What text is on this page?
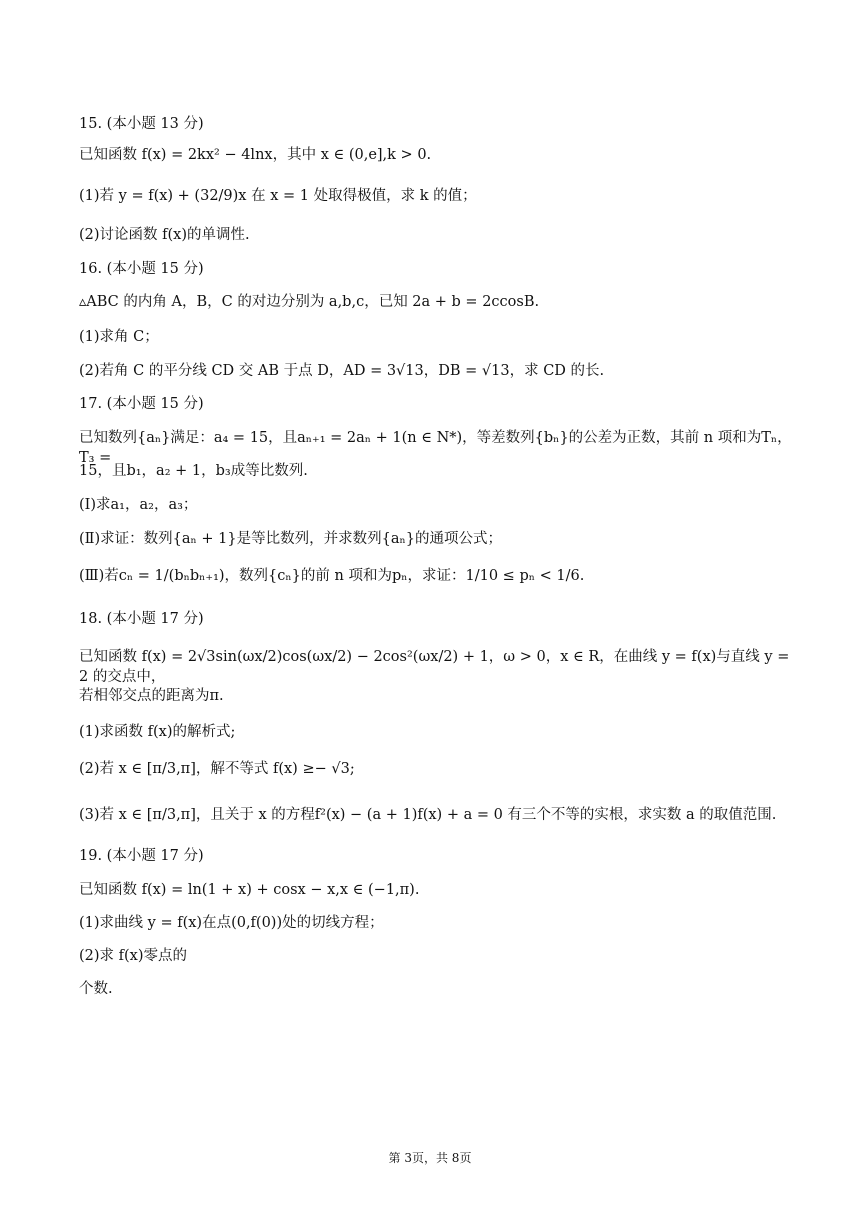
15. (本小题 13 分)
已知函数 f(x) = 2kx² − 4lnx，其中 x ∈ (0,e],k > 0.
(1)若 y = f(x) + (32/9)x 在 x = 1 处取得极值，求 k 的值；
(2)讨论函数 f(x)的单调性.
16. (本小题 15 分)
▵ABC 的内角 A，B，C 的对边分别为 a,b,c，已知 2a + b = 2ccosB.
(1)求角 C；
(2)若角 C 的平分线 CD 交 AB 于点 D，AD = 3√13，DB = √13，求 CD 的长.
17. (本小题 15 分)
已知数列{aₙ}满足：a₄ = 15，且aₙ₊₁ = 2aₙ + 1(n ∈ N*)，等差数列{bₙ}的公差为正数，其前 n 项和为Tₙ，T₃ =
15，且b₁，a₂ + 1，b₃成等比数列.
(Ⅰ)求a₁，a₂，a₃；
(Ⅱ)求证：数列{aₙ + 1}是等比数列，并求数列{aₙ}的通项公式；
(Ⅲ)若cₙ = 1/(bₙbₙ₊₁)，数列{cₙ}的前 n 项和为pₙ，求证：1/10 ≤ pₙ < 1/6.
18. (本小题 17 分)
已知函数 f(x) = 2√3sin(ωx/2)cos(ωx/2) − 2cos²(ωx/2) + 1，ω > 0，x ∈ R，在曲线 y = f(x)与直线 y = 2 的交点中，
若相邻交点的距离为π.
(1)求函数 f(x)的解析式;
(2)若 x ∈ [π/3,π]，解不等式 f(x) ≥− √3;
(3)若 x ∈ [π/3,π]，且关于 x 的方程f²(x) − (a + 1)f(x) + a = 0 有三个不等的实根，求实数 a 的取值范围.
19. (本小题 17 分)
已知函数 f(x) = ln(1 + x) + cosx − x,x ∈ (−1,π).
(1)求曲线 y = f(x)在点(0,f(0))处的切线方程；
(2)求 f(x)零点的
个数.
第 3页，共 8页
